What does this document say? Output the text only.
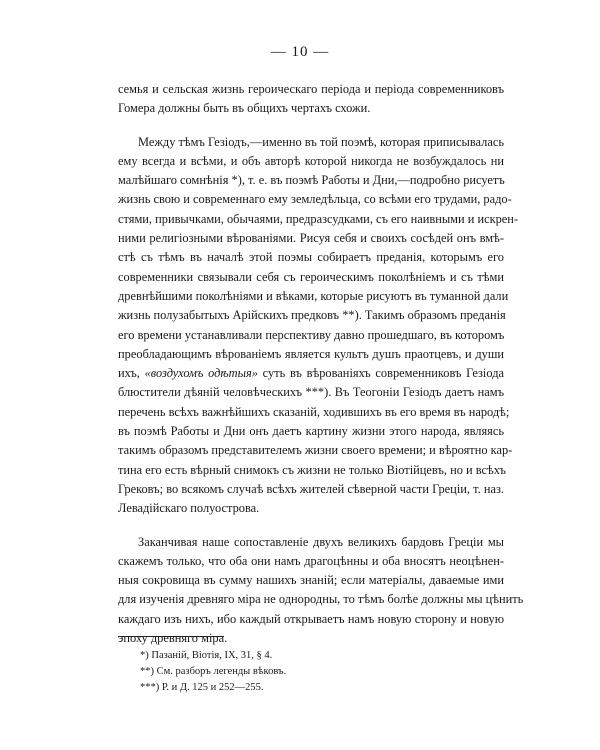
— 10 —
семья и сельская жизнь героическаго періода и періода современниковъ
Гомера должны быть въ общихъ чертахъ схожи.
Между тѣмъ Гезіодъ,—именно въ той поэмѣ, которая приписывалась
ему всегда и всѣми, и объ авторѣ которой никогда не возбуждалось ни
малѣйшаго сомнѣнія *), т. е. въ поэмѣ Работы и Дни,—подробно рисуетъ
жизнь свою и современнаго ему земледѣльца, со всѣми его трудами, радо-
стями, привычками, обычаями, предразсудками, съ его наивными и искрен-
ними религіозными вѣрованіями. Рисуя себя и своихъ сосѣдей онъ вмѣ-
стѣ съ тѣмъ въ началѣ этой поэмы собираетъ преданія, которымъ его
современники связывали себя съ героическимъ поколѣніемъ и съ тѣми
древнѣйшими поколѣніями и вѣками, которые рисуютъ въ туманной дали
жизнь полузабытыхъ Арійскихъ предковъ **). Такимъ образомъ преданія
его времени устанавливали перспективу давно прошедшаго, въ которомъ
преобладающимъ вѣрованіемъ является культъ душъ праотцевъ, и души
ихъ, «воздухомъ одѣтыя» суть въ вѣрованіяхъ современниковъ Гезіода
блюстители дѣяній человѣческихъ ***). Въ Теогоніи Гезіодъ даетъ намъ
перечень всѣхъ важнѣйшихъ сказаній, ходившихъ въ его время въ народѣ;
въ поэмѣ Работы и Дни онъ даетъ картину жизни этого народа, являясь
такимъ образомъ представителемъ жизни своего времени; и вѣроятно кар-
тина его есть вѣрный снимокъ съ жизни не только Віотійцевъ, но и всѣхъ
Грековъ; во всякомъ случаѣ всѣхъ жителей сѣверной части Греціи, т. наз.
Левадійскаго полуострова.
Заканчивая наше сопоставленіе двухъ великихъ бардовъ Греціи мы
скажемъ только, что оба они намъ драгоцѣнны и оба вносятъ неоцѣнен-
ныя сокровища въ сумму нашихъ знаній; если матеріалы, даваемые ими
для изученія древняго міра не однородны, то тѣмъ болѣе должны мы цѣнить
каждаго изъ нихъ, ибо каждый открываетъ намъ новую сторону и новую
эпоху древняго міра.
*) Пазаній, Віотія, IX, 31, § 4.
**) См. разборъ легенды вѣковъ.
***) Р. и Д. 125 и 252—255.
